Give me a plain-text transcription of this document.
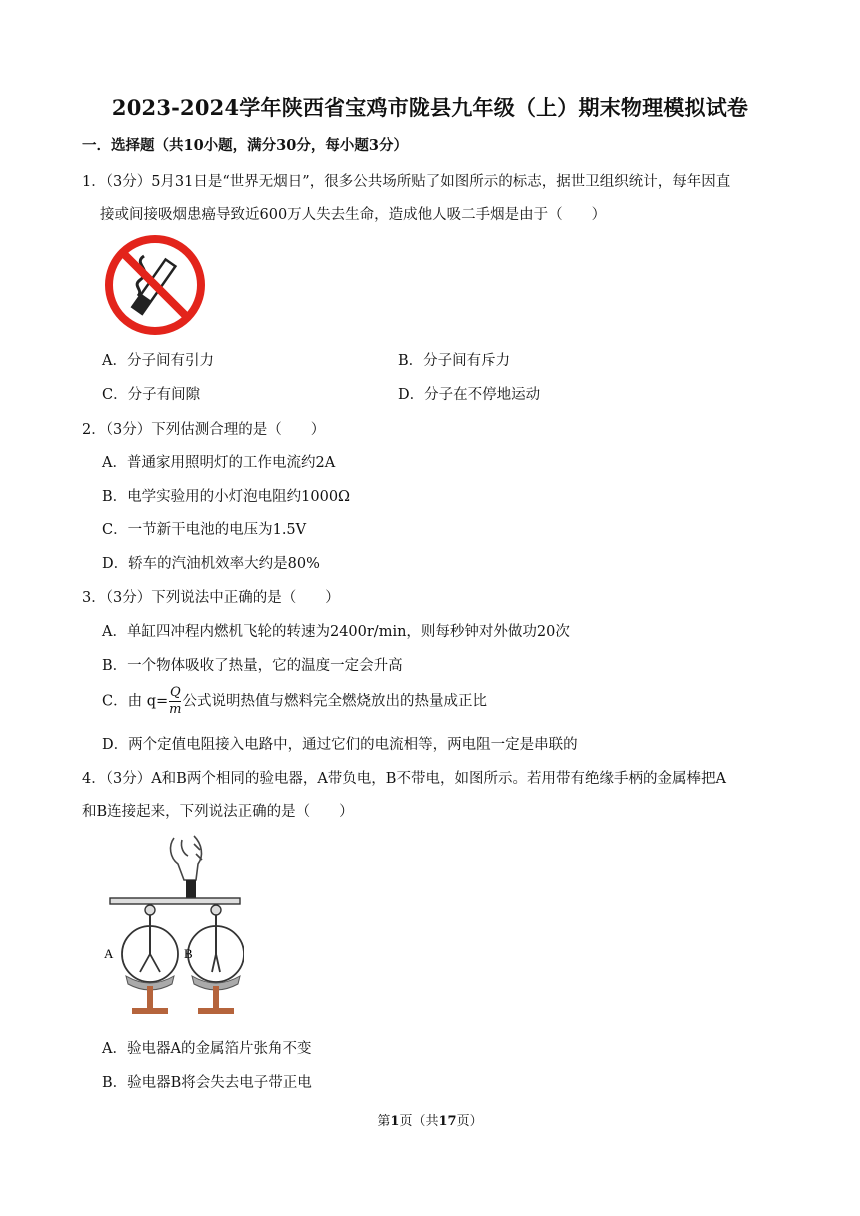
2023-2024学年陕西省宝鸡市陇县九年级（上）期末物理模拟试卷
一．选择题（共10小题，满分30分，每小题3分）
1．（3分）5月31日是“世界无烟日”，很多公共场所贴了如图所示的标志，据世卫组织统计，每年因直
接或间接吸烟患癌导致近600万人失去生命，造成他人吸二手烟是由于（　　）
A．分子间有引力	B．分子间有斥力
C．分子有间隙	D．分子在不停地运动
2．（3分）下列估测合理的是（　　）
A．普通家用照明灯的工作电流约2A
B．电学实验用的小灯泡电阻约1000Ω
C．一节新干电池的电压为1.5V
D．轿车的汽油机效率大约是80%
3．（3分）下列说法中正确的是（　　）
A．单缸四冲程内燃机飞轮的转速为2400r/min，则每秒钟对外做功20次
B．一个物体吸收了热量，它的温度一定会升高
C．由 $q= \frac{Q}{m}$ 公式说明热值与燃料完全燃烧放出的热量成正比
D．两个定值电阻接入电路中，通过它们的电流相等，两电阻一定是串联的
4．（3分）A和B两个相同的验电器，A带负电，B不带电，如图所示。若用带有绝缘手柄的金属棒把A
和B连接起来，下列说法正确的是（　　）
A	B
A．验电器A的金属箔片张角不变
B．验电器B将会失去电子带正电
第1页（共17页）
